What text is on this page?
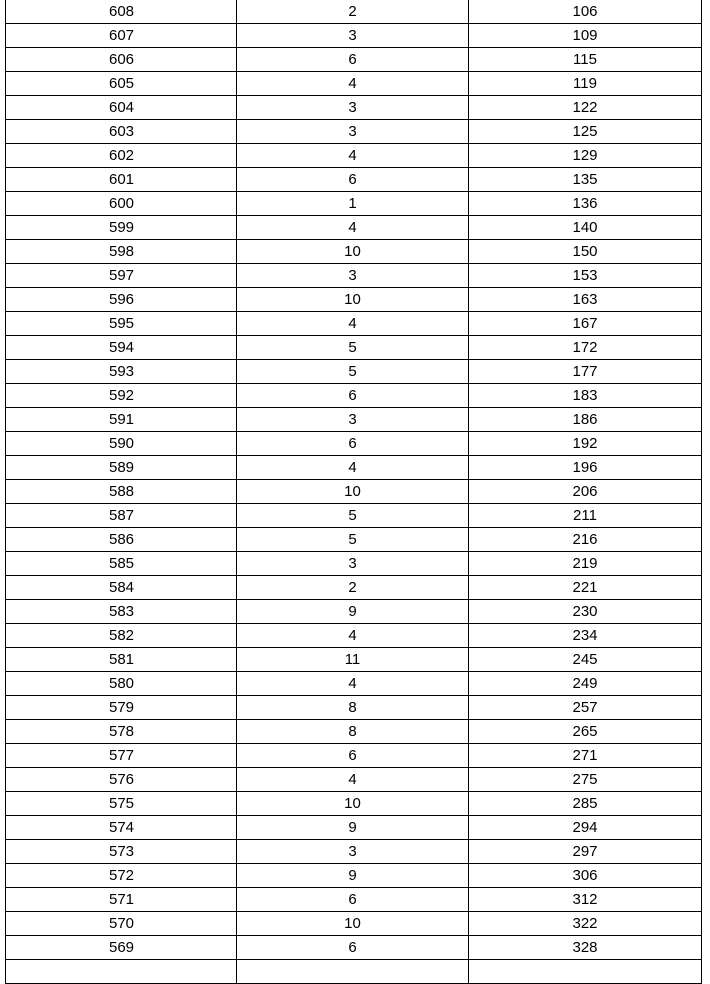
608	2	106
607	3	109
606	6	115
605	4	119
604	3	122
603	3	125
602	4	129
601	6	135
600	1	136
599	4	140
598	10	150
597	3	153
596	10	163
595	4	167
594	5	172
593	5	177
592	6	183
591	3	186
590	6	192
589	4	196
588	10	206
587	5	211
586	5	216
585	3	219
584	2	221
583	9	230
582	4	234
581	11	245
580	4	249
579	8	257
578	8	265
577	6	271
576	4	275
575	10	285
574	9	294
573	3	297
572	9	306
571	6	312
570	10	322
569	6	328
